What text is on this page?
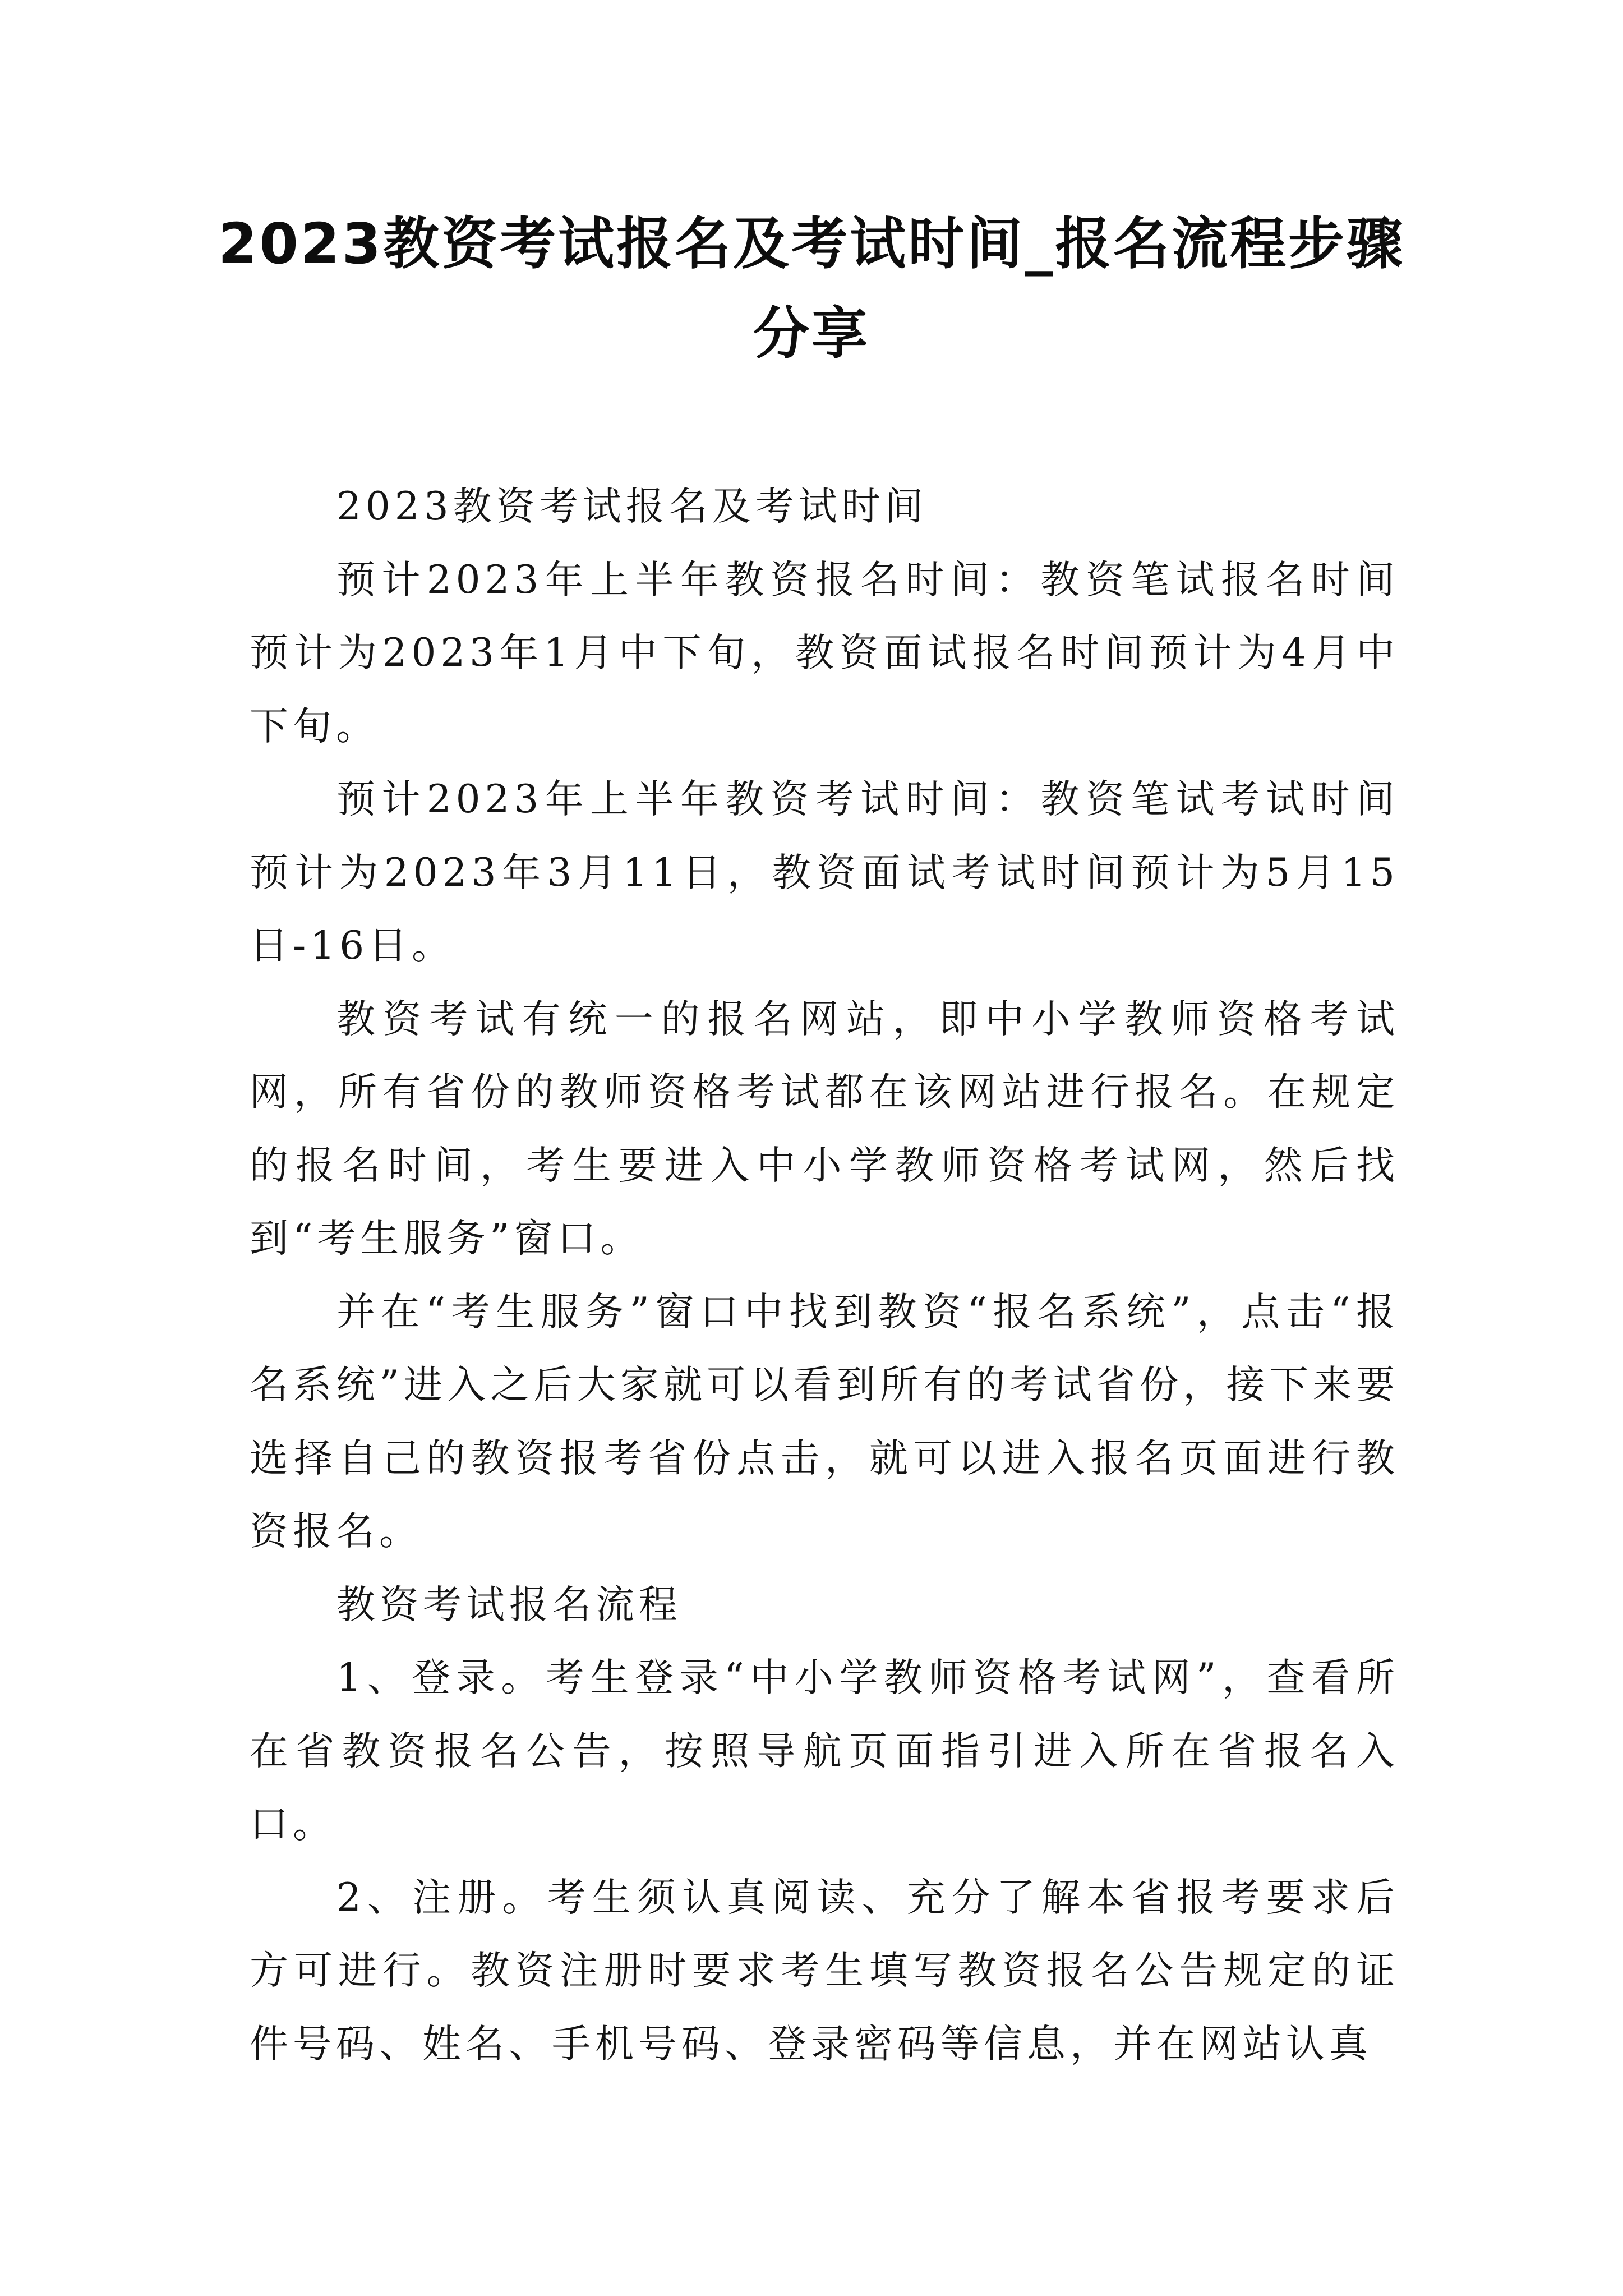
2023教资考试报名及考试时间_报名流程步骤分享

2023教资考试报名及考试时间

预计2023年上半年教资报名时间：教资笔试报名时间预计为2023年1月中下旬，教资面试报名时间预计为4月中下旬。

预计2023年上半年教资考试时间：教资笔试考试时间预计为2023年3月11日，教资面试考试时间预计为5月15日-16日。

教资考试有统一的报名网站，即中小学教师资格考试网，所有省份的教师资格考试都在该网站进行报名。在规定的报名时间，考生要进入中小学教师资格考试网，然后找到“考生服务”窗口。

并在“考生服务”窗口中找到教资“报名系统”，点击“报名系统”进入之后大家就可以看到所有的考试省份，接下来要选择自己的教资报考省份点击，就可以进入报名页面进行教资报名。

教资考试报名流程

1、登录。考生登录“中小学教师资格考试网”，查看所在省教资报名公告，按照导航页面指引进入所在省报名入口。

2、注册。考生须认真阅读、充分了解本省报考要求后方可进行。教资注册时要求考生填写教资报名公告规定的证件号码、姓名、手机号码、登录密码等信息，并在网站认真
